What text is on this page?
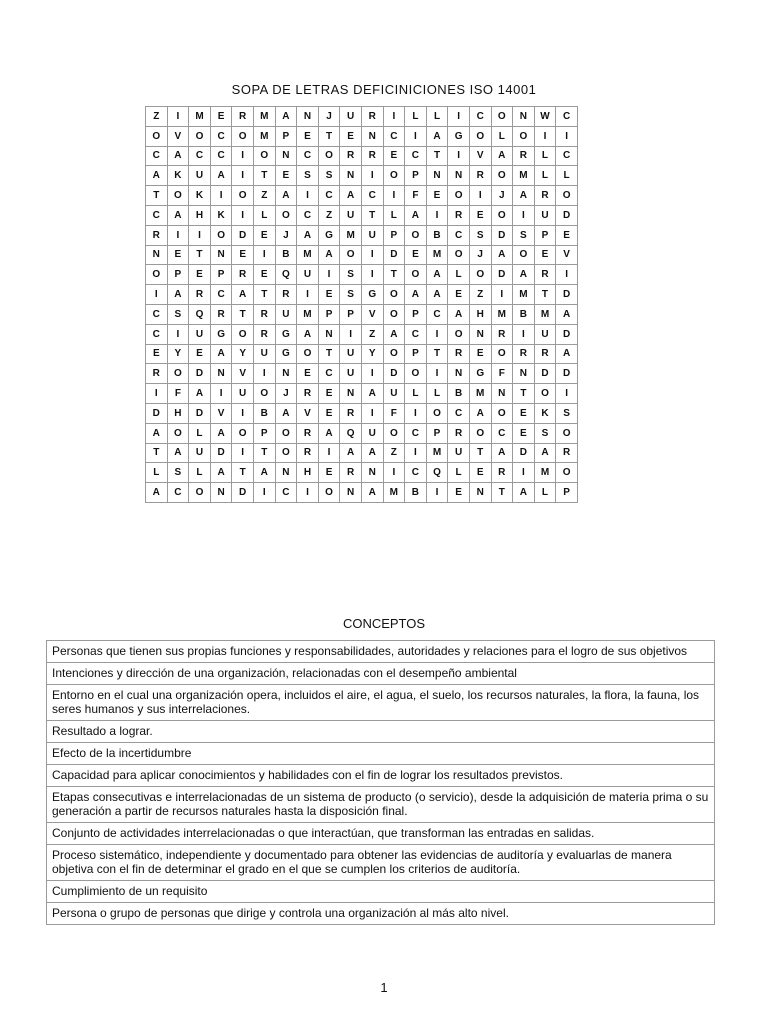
SOPA DE LETRAS DEFICINICIONES ISO 14001
Z	I	M	E	R	M	A	N	J	U	R	I	L	L	I	C	O	N	W	C
O	V	O	C	O	M	P	E	T	E	N	C	I	A	G	O	L	O	I	I
C	A	C	C	I	O	N	C	O	R	R	E	C	T	I	V	A	R	L	C
A	K	U	A	I	T	E	S	S	N	I	O	P	N	N	R	O	M	L	L
T	O	K	I	O	Z	A	I	C	A	C	I	F	E	O	I	J	A	R	O
C	A	H	K	I	L	O	C	Z	U	T	L	A	I	R	E	O	I	U	D
R	I	I	O	D	E	J	A	G	M	U	P	O	B	C	S	D	S	P	E
N	E	T	N	E	I	B	M	A	O	I	D	E	M	O	J	A	O	E	V
O	P	E	P	R	E	Q	U	I	S	I	T	O	A	L	O	D	A	R	I
I	A	R	C	A	T	R	I	E	S	G	O	A	A	E	Z	I	M	T	D
C	S	Q	R	T	R	U	M	P	P	V	O	P	C	A	H	M	B	M	A
C	I	U	G	O	R	G	A	N	I	Z	A	C	I	O	N	R	I	U	D
E	Y	E	A	Y	U	G	O	T	U	Y	O	P	T	R	E	O	R	R	A
R	O	D	N	V	I	N	E	C	U	I	D	O	I	N	G	F	N	D	D
I	F	A	I	U	O	J	R	E	N	A	U	L	L	B	M	N	T	O	I
D	H	D	V	I	B	A	V	E	R	I	F	I	O	C	A	O	E	K	S
A	O	L	A	O	P	O	R	A	Q	U	O	C	P	R	O	C	E	S	O
T	A	U	D	I	T	O	R	I	A	A	Z	I	M	U	T	A	D	A	R
L	S	L	A	T	A	N	H	E	R	N	I	C	Q	L	E	R	I	M	O
A	C	O	N	D	I	C	I	O	N	A	M	B	I	E	N	T	A	L	P
CONCEPTOS
Personas que tienen sus propias funciones y responsabilidades, autoridades y relaciones para el logro de sus objetivos
Intenciones y dirección de una organización, relacionadas con el desempeño ambiental
Entorno en el cual una organización opera, incluidos el aire, el agua, el suelo, los recursos naturales, la flora, la fauna, los seres humanos y sus interrelaciones.
Resultado a lograr.
Efecto de la incertidumbre
Capacidad para aplicar conocimientos y habilidades con el fin de lograr los resultados previstos.
Etapas consecutivas e interrelacionadas de un sistema de producto (o servicio), desde la adquisición de materia prima o su generación a partir de recursos naturales hasta la disposición final.
Conjunto de actividades interrelacionadas o que interactúan, que transforman las entradas en salidas.
Proceso sistemático, independiente y documentado para obtener las evidencias de auditoría y evaluarlas de manera objetiva con el fin de determinar el grado en el que se cumplen los criterios de auditoría.
Cumplimiento de un requisito
Persona o grupo de personas que dirige y controla una organización al más alto nivel.
1
